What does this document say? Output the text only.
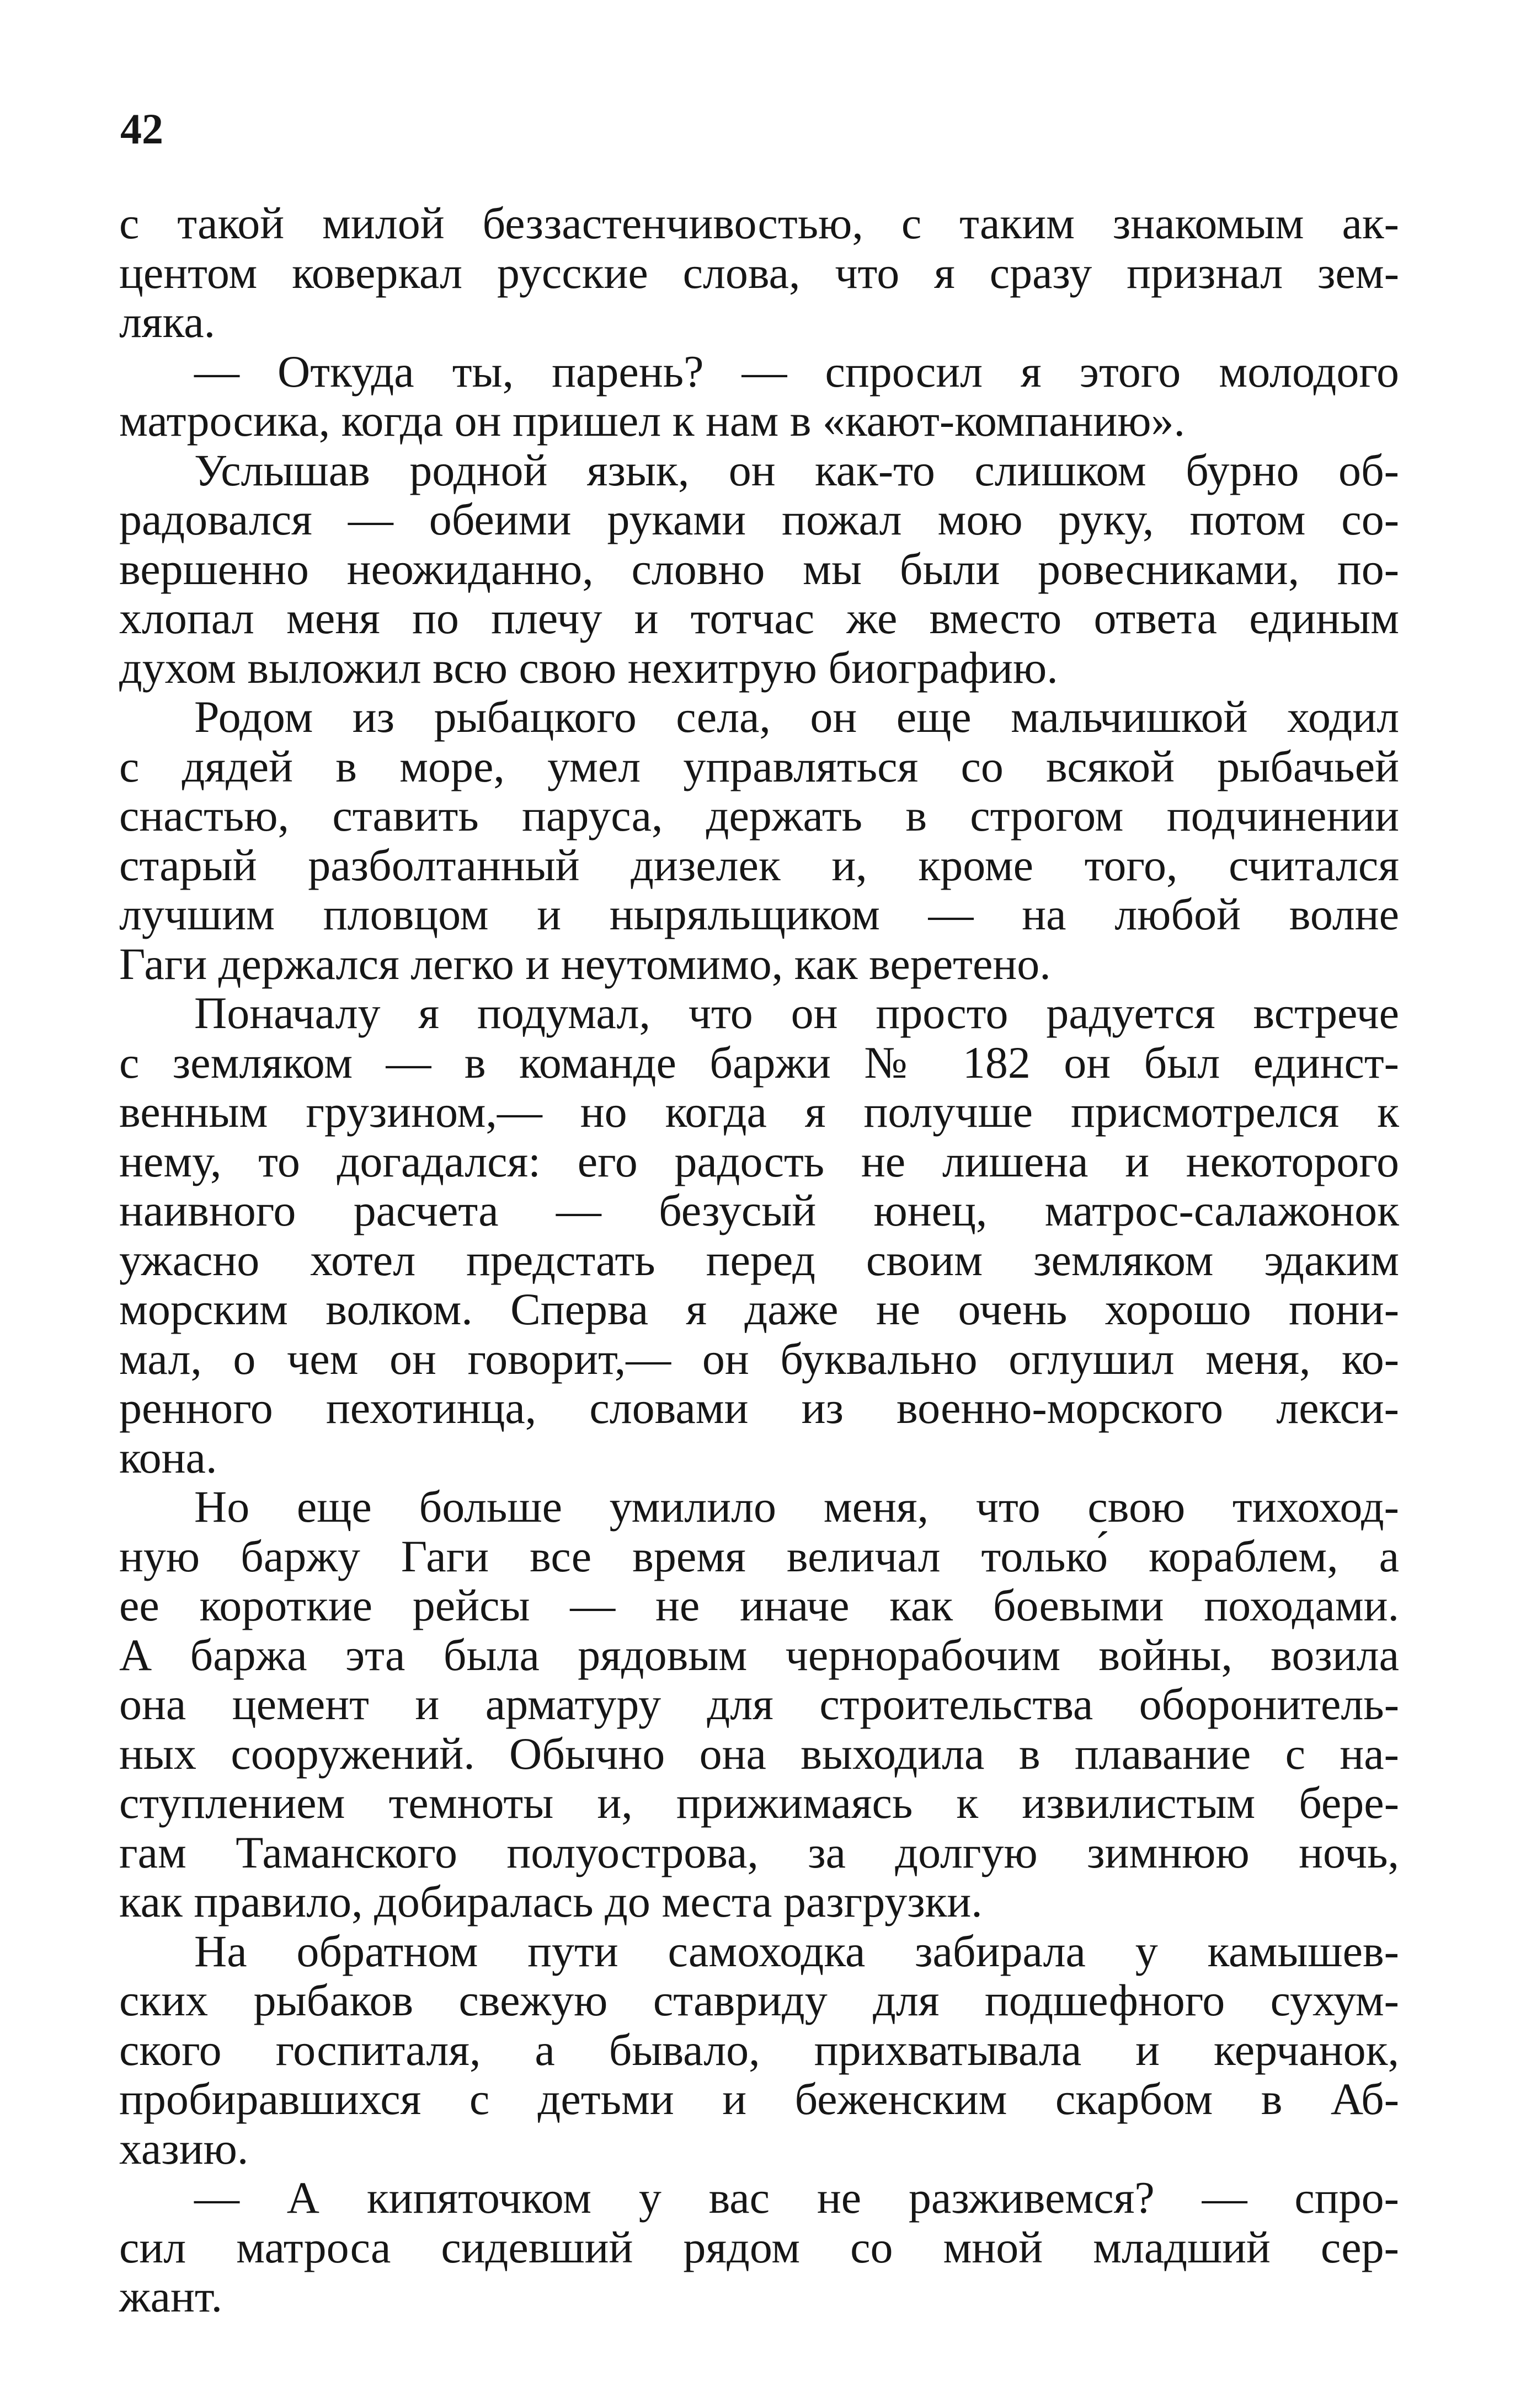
42
с такой милой беззастенчивостью, с таким знакомым ак-
центом коверкал русские слова, что я сразу признал зем-
ляка.
— Откуда ты, парень? — спросил я этого молодого
матросика, когда он пришел к нам в «кают-компанию».
Услышав родной язык, он как-то слишком бурно об-
радовался — обеими руками пожал мою руку, потом со-
вершенно неожиданно, словно мы были ровесниками, по-
хлопал меня по плечу и тотчас же вместо ответа единым
духом выложил всю свою нехитрую биографию.
Родом из рыбацкого села, он еще мальчишкой ходил
с дядей в море, умел управляться со всякой рыбачьей
снастью, ставить паруса, держать в строгом подчинении
старый разболтанный дизелек и, кроме того, считался
лучшим пловцом и ныряльщиком — на любой волне
Гаги держался легко и неутомимо, как веретено.
Поначалу я подумал, что он просто радуется встрече
с земляком — в команде баржи № 182 он был единст-
венным грузином,— но когда я получше присмотрелся к
нему, то догадался: его радость не лишена и некоторого
наивного расчета — безусый юнец, матрос-салажонок
ужасно хотел предстать перед своим земляком эдаким
морским волком. Сперва я даже не очень хорошо пони-
мал, о чем он говорит,— он буквально оглушил меня, ко-
ренного пехотинца, словами из военно-морского лекси-
кона.
Но еще больше умилило меня, что свою тихоход-
ную баржу Гаги все время величал только́ кораблем, а
ее короткие рейсы — не иначе как боевыми походами.
А баржа эта была рядовым чернорабочим войны, возила
она цемент и арматуру для строительства оборонитель-
ных сооружений. Обычно она выходила в плавание с на-
ступлением темноты и, прижимаясь к извилистым бере-
гам Таманского полуострова, за долгую зимнюю ночь,
как правило, добиралась до места разгрузки.
На обратном пути самоходка забирала у камышев-
ских рыбаков свежую ставриду для подшефного сухум-
ского госпиталя, а бывало, прихватывала и керчанок,
пробиравшихся с детьми и беженским скарбом в Аб-
хазию.
— А кипяточком у вас не разживемся? — спро-
сил матроса сидевший рядом со мной младший сер-
жант.
